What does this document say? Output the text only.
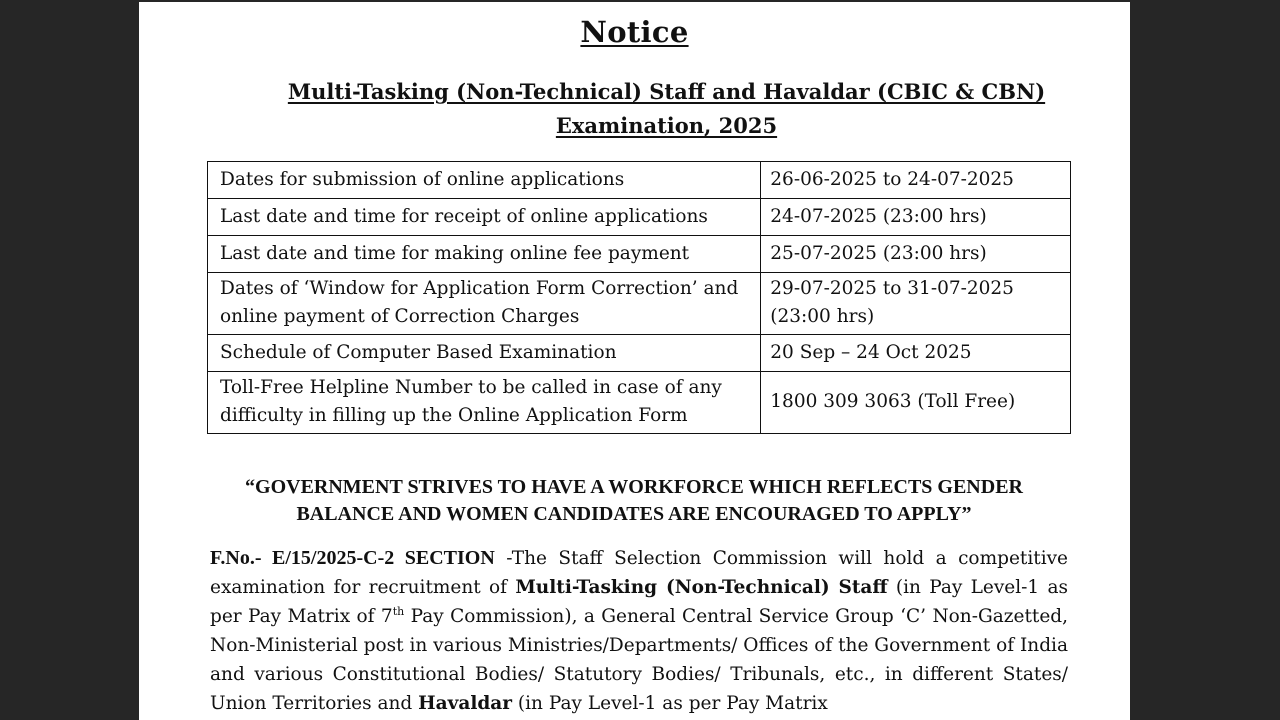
Notice
Multi-Tasking (Non-Technical) Staff and Havaldar (CBIC & CBN)
Examination, 2025
Dates for submission of online applications	26-06-2025 to 24-07-2025
Last date and time for receipt of online applications	24-07-2025 (23:00 hrs)
Last date and time for making online fee payment	25-07-2025 (23:00 hrs)
Dates of ‘Window for Application Form Correction’ and online payment of Correction Charges	29-07-2025 to 31-07-2025 (23:00 hrs)
Schedule of Computer Based Examination	20 Sep – 24 Oct 2025
Toll-Free Helpline Number to be called in case of any difficulty in filling up the Online Application Form	1800 309 3063 (Toll Free)
“GOVERNMENT STRIVES TO HAVE A WORKFORCE WHICH REFLECTS GENDER
BALANCE AND WOMEN CANDIDATES ARE ENCOURAGED TO APPLY”
F.No.- E/15/2025-C-2 SECTION -The Staff Selection Commission will hold a competitive examination for recruitment of Multi-Tasking (Non-Technical) Staff (in Pay Level-1 as per Pay Matrix of 7th Pay Commission), a General Central Service Group ‘C’ Non-Gazetted, Non-Ministerial post in various Ministries/Departments/ Offices of the Government of India and various Constitutional Bodies/ Statutory Bodies/ Tribunals, etc., in different States/ Union Territories and Havaldar (in Pay Level-1 as per Pay Matrix
